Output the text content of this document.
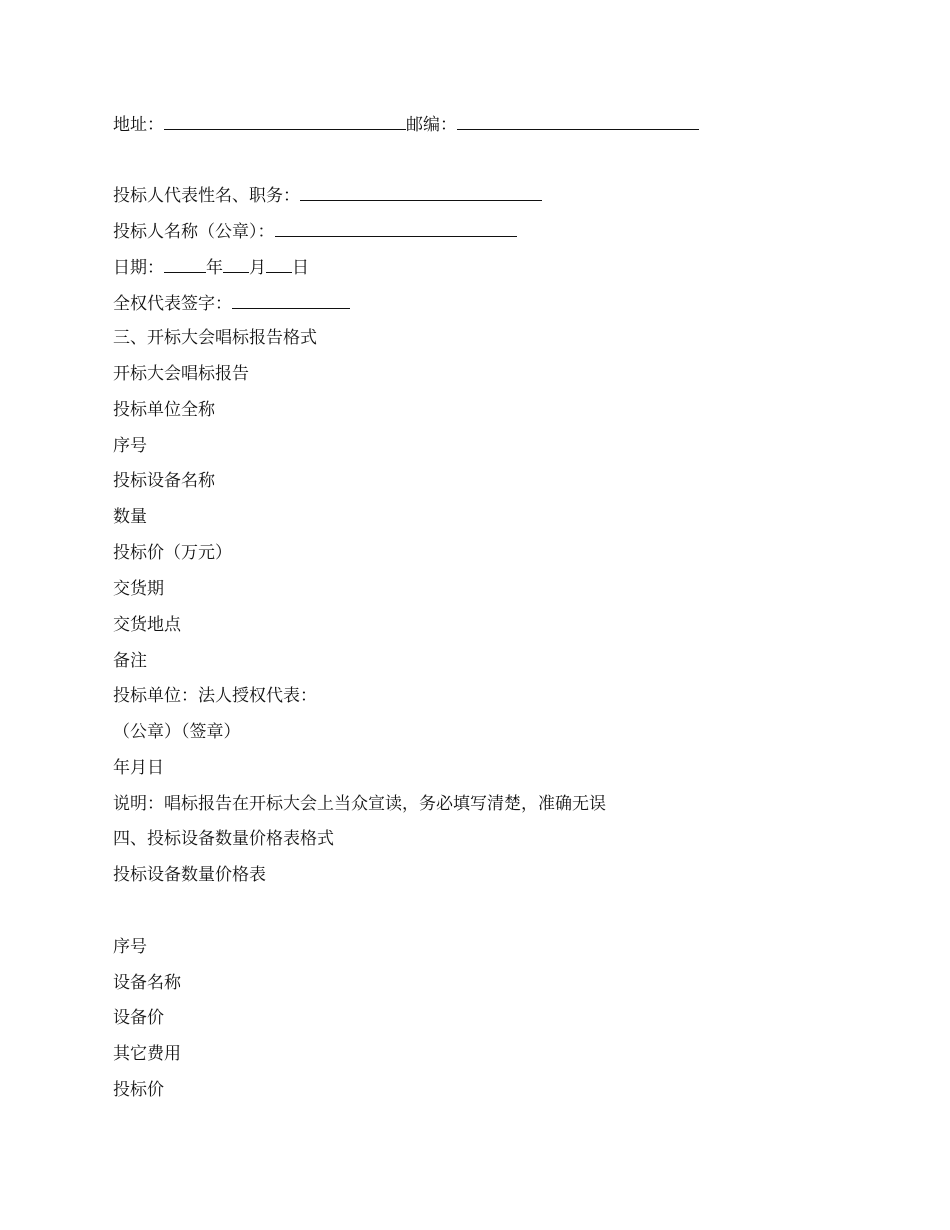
地址：	邮编：
投标人代表性名、职务：
投标人名称（公章）：
日期： 年 月 日
全权代表签字：
三、开标大会唱标报告格式
开标大会唱标报告
投标单位全称
序号
投标设备名称
数量
投标价（万元）
交货期
交货地点
备注
投标单位：法人授权代表：
（公章）（签章）
年月日
说明：唱标报告在开标大会上当众宣读，务必填写清楚，准确无误
四、投标设备数量价格表格式
投标设备数量价格表
序号
设备名称
设备价
其它费用
投标价
